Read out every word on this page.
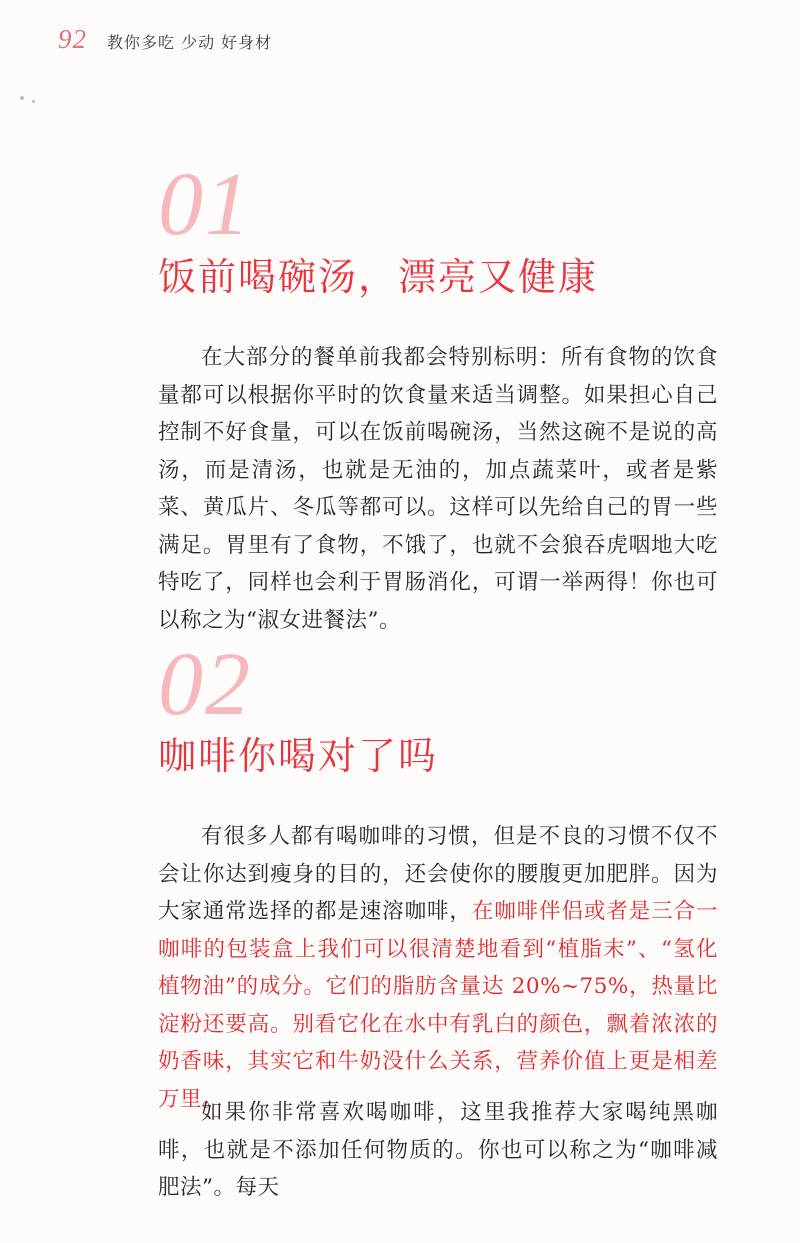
92 教你多吃 少动 好身材
01
饭前喝碗汤，漂亮又健康

在大部分的餐单前我都会特别标明：所有食物的饮食量都可以根据你平时的饮食量来适当调整。如果担心自己控制不好食量，可以在饭前喝碗汤，当然这碗不是说的高汤，而是清汤，也就是无油的，加点蔬菜叶，或者是紫菜、黄瓜片、冬瓜等都可以。这样可以先给自己的胃一些满足。胃里有了食物，不饿了，也就不会狼吞虎咽地大吃特吃了，同样也会利于胃肠消化，可谓一举两得！你也可以称之为“淑女进餐法”。

02
咖啡你喝对了吗

有很多人都有喝咖啡的习惯，但是不良的习惯不仅不会让你达到瘦身的目的，还会使你的腰腹更加肥胖。因为大家通常选择的都是速溶咖啡，在咖啡伴侣或者是三合一咖啡的包装盒上我们可以很清楚地看到“植脂末”、“氢化植物油”的成分。它们的脂肪含量达 20%~75%，热量比淀粉还要高。别看它化在水中有乳白的颜色，飘着浓浓的奶香味，其实它和牛奶没什么关系，营养价值上更是相差万里。

如果你非常喜欢喝咖啡，这里我推荐大家喝纯黑咖啡，也就是不添加任何物质的。你也可以称之为“咖啡减肥法”。每天
